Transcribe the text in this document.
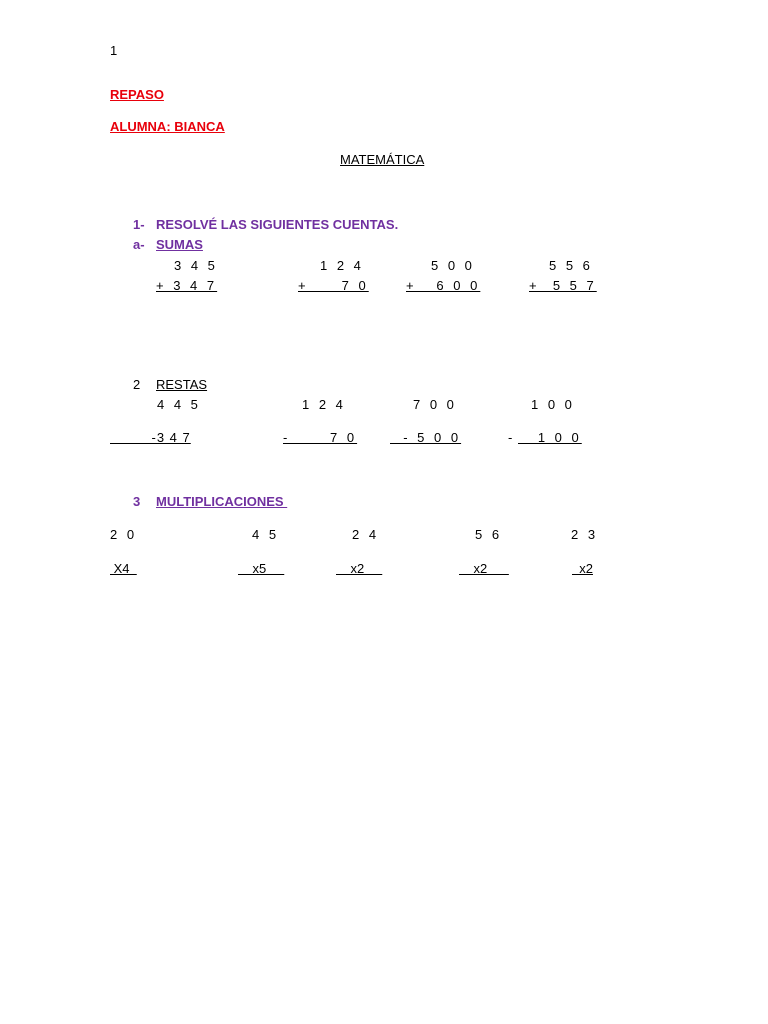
1
REPASO
ALUMNA: BIANCA
MATEMÁTICA
1- RESOLVÉ LAS SIGUIENTES CUENTAS.
a- SUMAS
3 4 5	1 2 4	5 0 0	5 5 6
+ 3 4 7	+     7 0	+   6 0 0	+  5 5 7
2 RESTAS
4 4 5	1 2 4	7 0 0	1 0 0
-3 4 7	-      7 0	- 5 0 0	- 1 0 0
3 MULTIPLICACIONES
2 0	4 5	2 4	5 6	2 3
X4	x5	x2	x2	x2
